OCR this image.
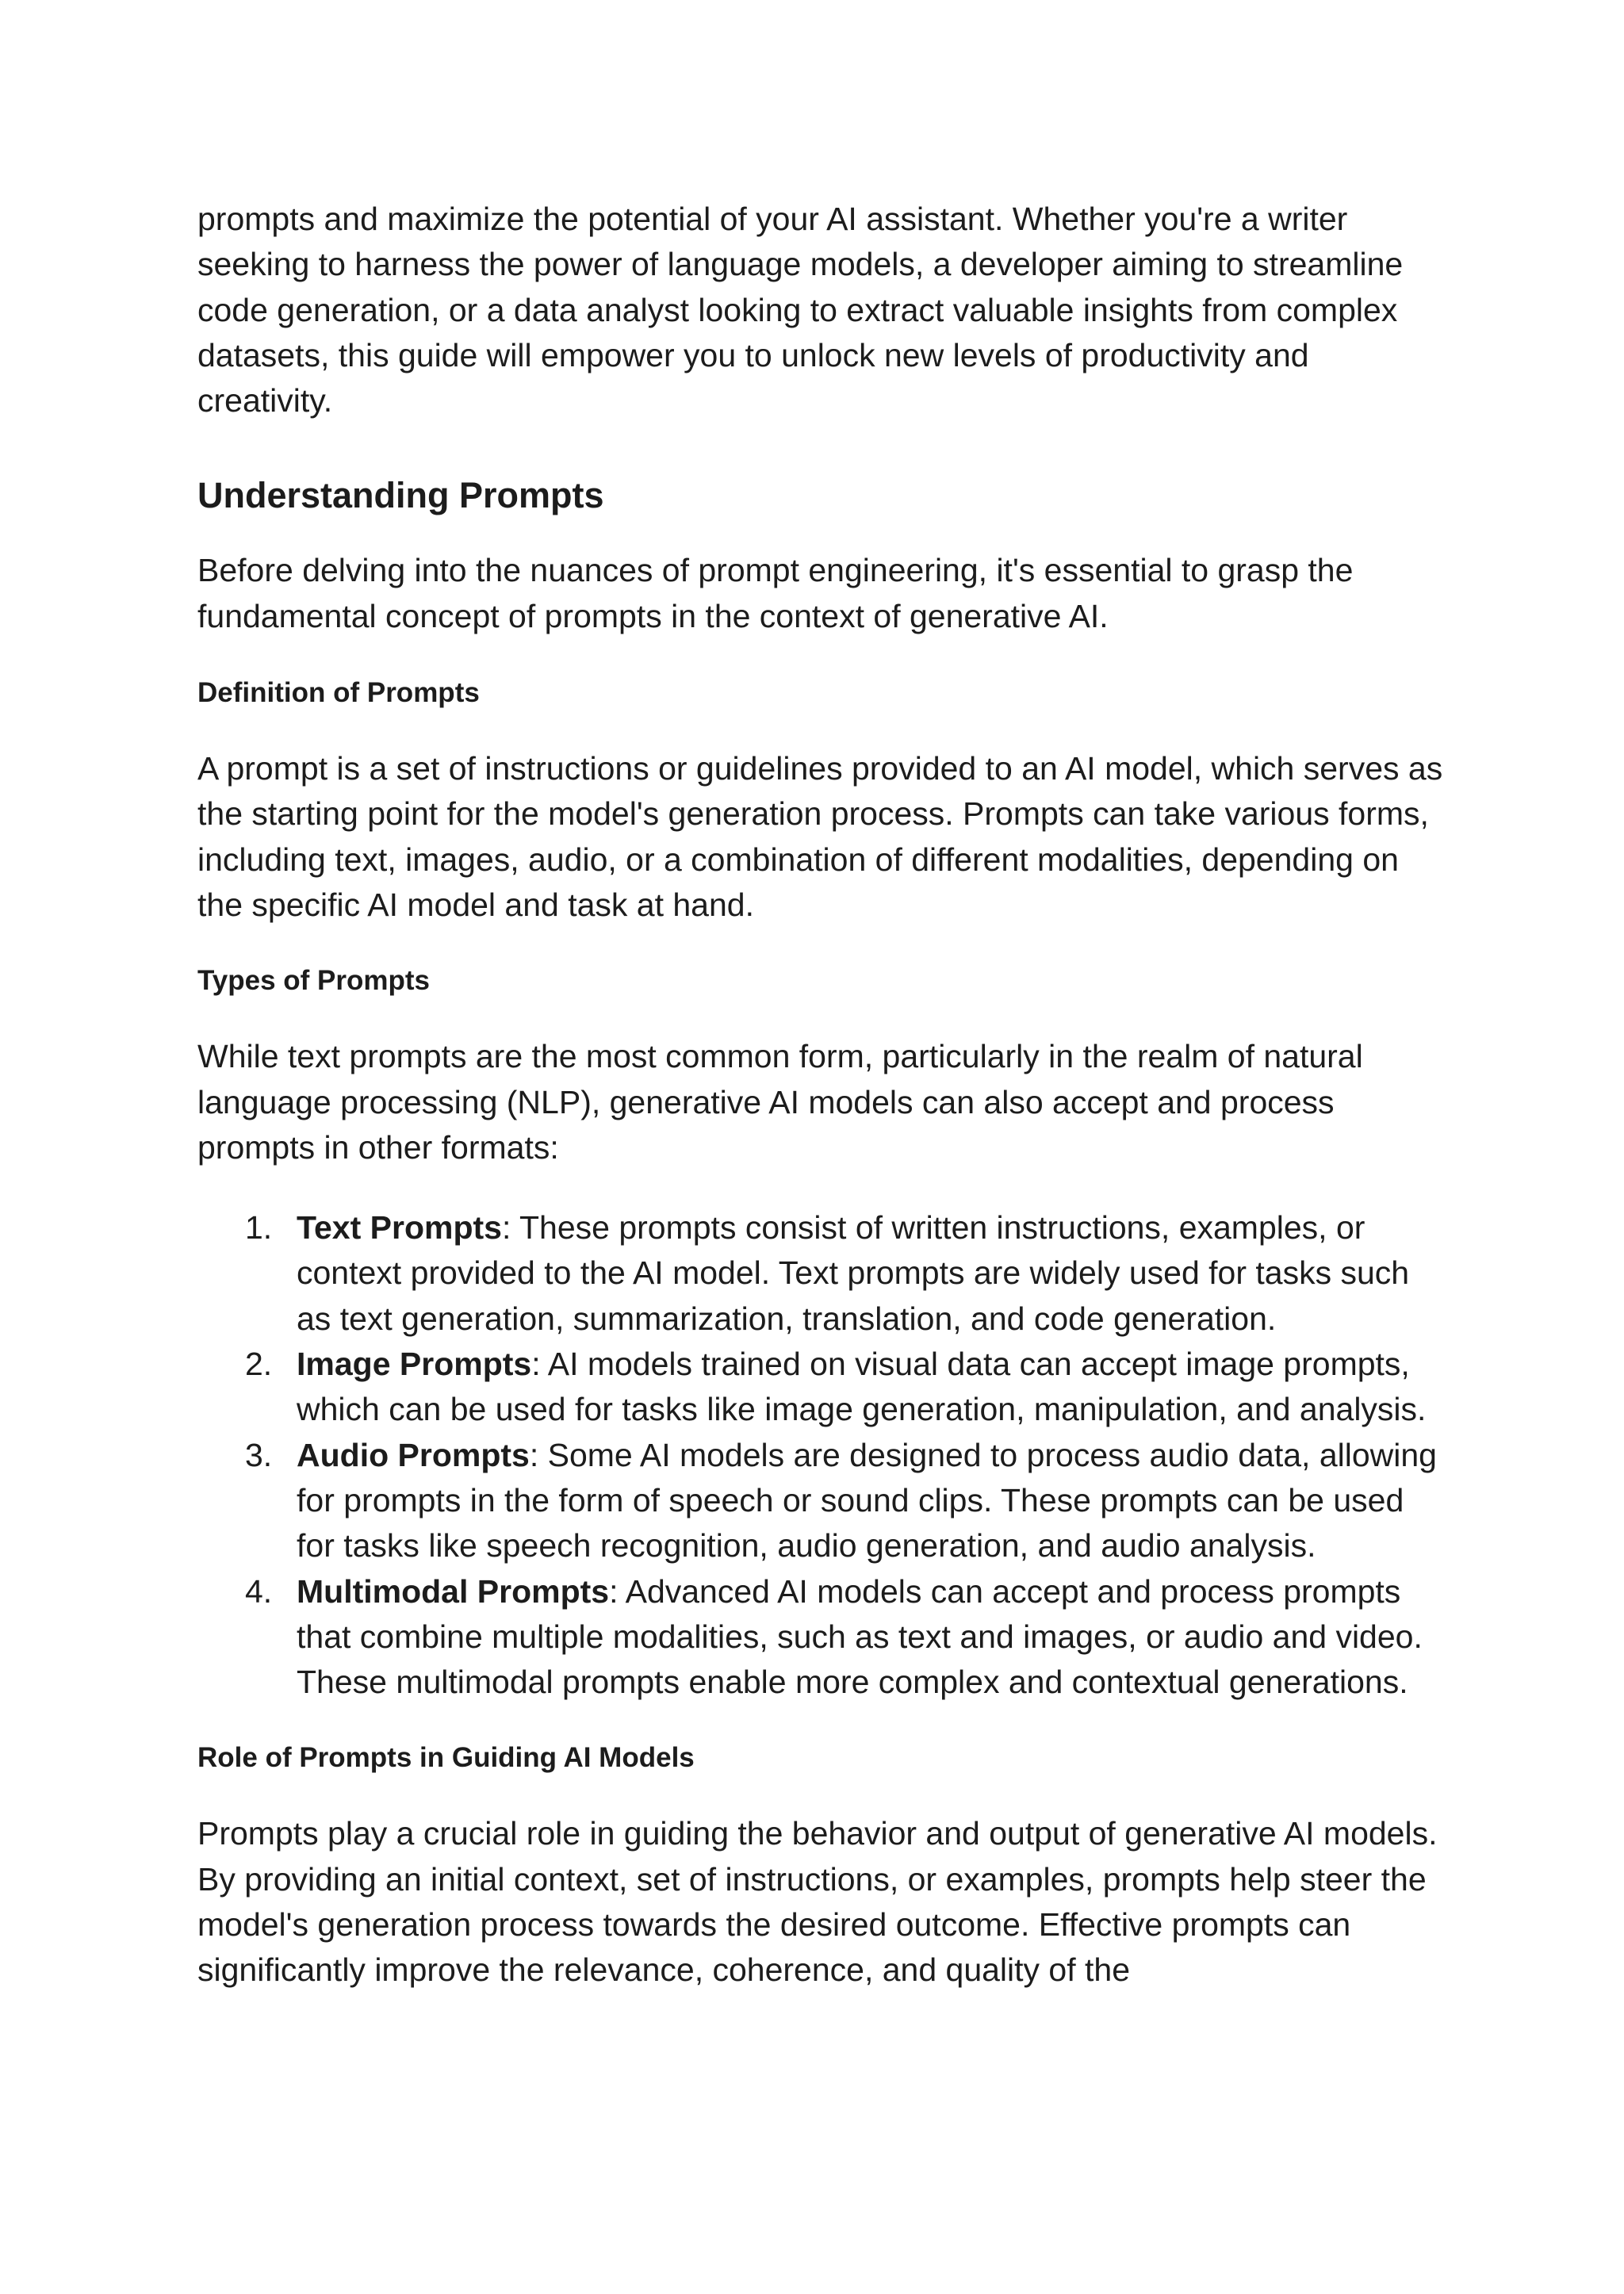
prompts and maximize the potential of your AI assistant. Whether you're a writer seeking to harness the power of language models, a developer aiming to streamline code generation, or a data analyst looking to extract valuable insights from complex datasets, this guide will empower you to unlock new levels of productivity and creativity.

Understanding Prompts

Before delving into the nuances of prompt engineering, it's essential to grasp the fundamental concept of prompts in the context of generative AI.

Definition of Prompts

A prompt is a set of instructions or guidelines provided to an AI model, which serves as the starting point for the model's generation process. Prompts can take various forms, including text, images, audio, or a combination of different modalities, depending on the specific AI model and task at hand.

Types of Prompts

While text prompts are the most common form, particularly in the realm of natural language processing (NLP), generative AI models can also accept and process prompts in other formats:

1. Text Prompts: These prompts consist of written instructions, examples, or context provided to the AI model. Text prompts are widely used for tasks such as text generation, summarization, translation, and code generation.
2. Image Prompts: AI models trained on visual data can accept image prompts, which can be used for tasks like image generation, manipulation, and analysis.
3. Audio Prompts: Some AI models are designed to process audio data, allowing for prompts in the form of speech or sound clips. These prompts can be used for tasks like speech recognition, audio generation, and audio analysis.
4. Multimodal Prompts: Advanced AI models can accept and process prompts that combine multiple modalities, such as text and images, or audio and video. These multimodal prompts enable more complex and contextual generations.
Role of Prompts in Guiding AI Models

Prompts play a crucial role in guiding the behavior and output of generative AI models. By providing an initial context, set of instructions, or examples, prompts help steer the model's generation process towards the desired outcome. Effective prompts can significantly improve the relevance, coherence, and quality of the
